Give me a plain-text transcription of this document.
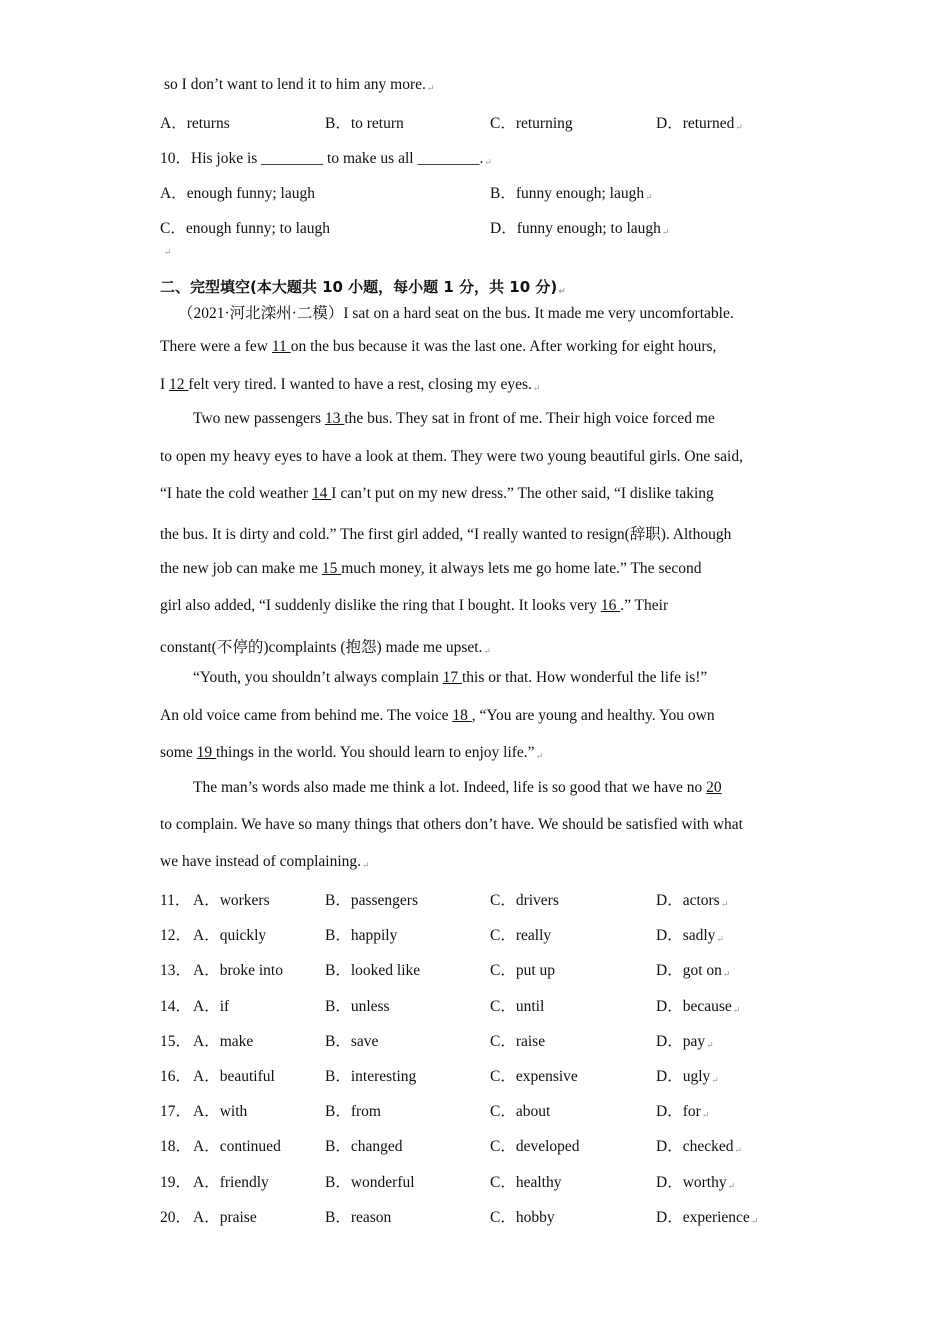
so I don’t want to lend it to him any more.↵
A．returns	B．to return	C．returning	D．returned↵
10．His joke is ________ to make us all ________.↵
A．enough funny; laugh	B．funny enough; laugh↵
C．enough funny; to laugh	D．funny enough; to laugh↵
↵
二、完型填空(本大题共 10 小题，每小题 1 分，共 10 分)↵
（2021·河北滦州·二模）I sat on a hard seat on the bus. It made me very uncomfortable.
There were a few 11 on the bus because it was the last one. After working for eight hours,
I 12 felt very tired. I wanted to have a rest, closing my eyes.↵
Two new passengers 13 the bus. They sat in front of me. Their high voice forced me
to open my heavy eyes to have a look at them. They were two young beautiful girls. One said,
“I hate the cold weather 14 I can’t put on my new dress.” The other said, “I dislike taking
the bus. It is dirty and cold.” The first girl added, “I really wanted to resign(辞职). Although
the new job can make me 15 much money, it always lets me go home late.” The second
girl also added, “I suddenly dislike the ring that I bought. It looks very 16 .” Their
constant(不停的)complaints (抱怨) made me upset.↵
“Youth, you shouldn’t always complain 17 this or that. How wonderful the life is!”
An old voice came from behind me. The voice 18 , “You are young and healthy. You own
some 19 things in the world. You should learn to enjoy life.”↵
The man’s words also made me think a lot. Indeed, life is so good that we have no 20
to complain. We have so many things that others don’t have. We should be satisfied with what
we have instead of complaining.↵
11． A．workers	B．passengers	C．drivers	D．actors↵
12． A．quickly	B．happily	C．really	D．sadly↵
13． A．broke into	B．looked like	C．put up	D．got on↵
14． A．if	B．unless	C．until	D．because↵
15． A．make	B．save	C．raise	D．pay↵
16． A．beautiful	B．interesting	C．expensive	D．ugly↵
17． A．with	B．from	C．about	D．for↵
18． A．continued	B．changed	C．developed	D．checked↵
19． A．friendly	B．wonderful	C．healthy	D．worthy↵
20． A．praise	B．reason	C．hobby	D．experience↵
